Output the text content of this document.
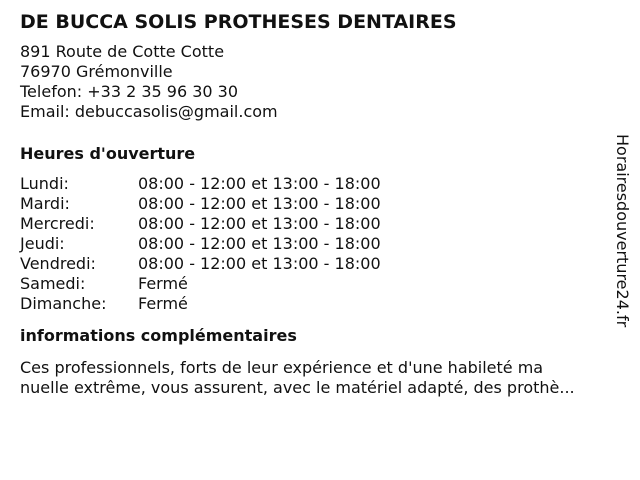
DE BUCCA SOLIS PROTHESES DENTAIRES
891 Route de Cotte Cotte
76970 Grémonville
Telefon: +33 2 35 96 30 30
Email: debuccasolis@gmail.com
Heures d'ouverture
Lundi:	08:00 - 12:00 et 13:00 - 18:00
Mardi:	08:00 - 12:00 et 13:00 - 18:00
Mercredi:	08:00 - 12:00 et 13:00 - 18:00
Jeudi:	08:00 - 12:00 et 13:00 - 18:00
Vendredi:	08:00 - 12:00 et 13:00 - 18:00
Samedi:	Fermé
Dimanche:	Fermé
informations complémentaires
Ces professionnels, forts de leur expérience et d'une habileté ma
nuelle extrême, vous assurent, avec le matériel adapté, des prothè...
Horairesdouverture24.fr
